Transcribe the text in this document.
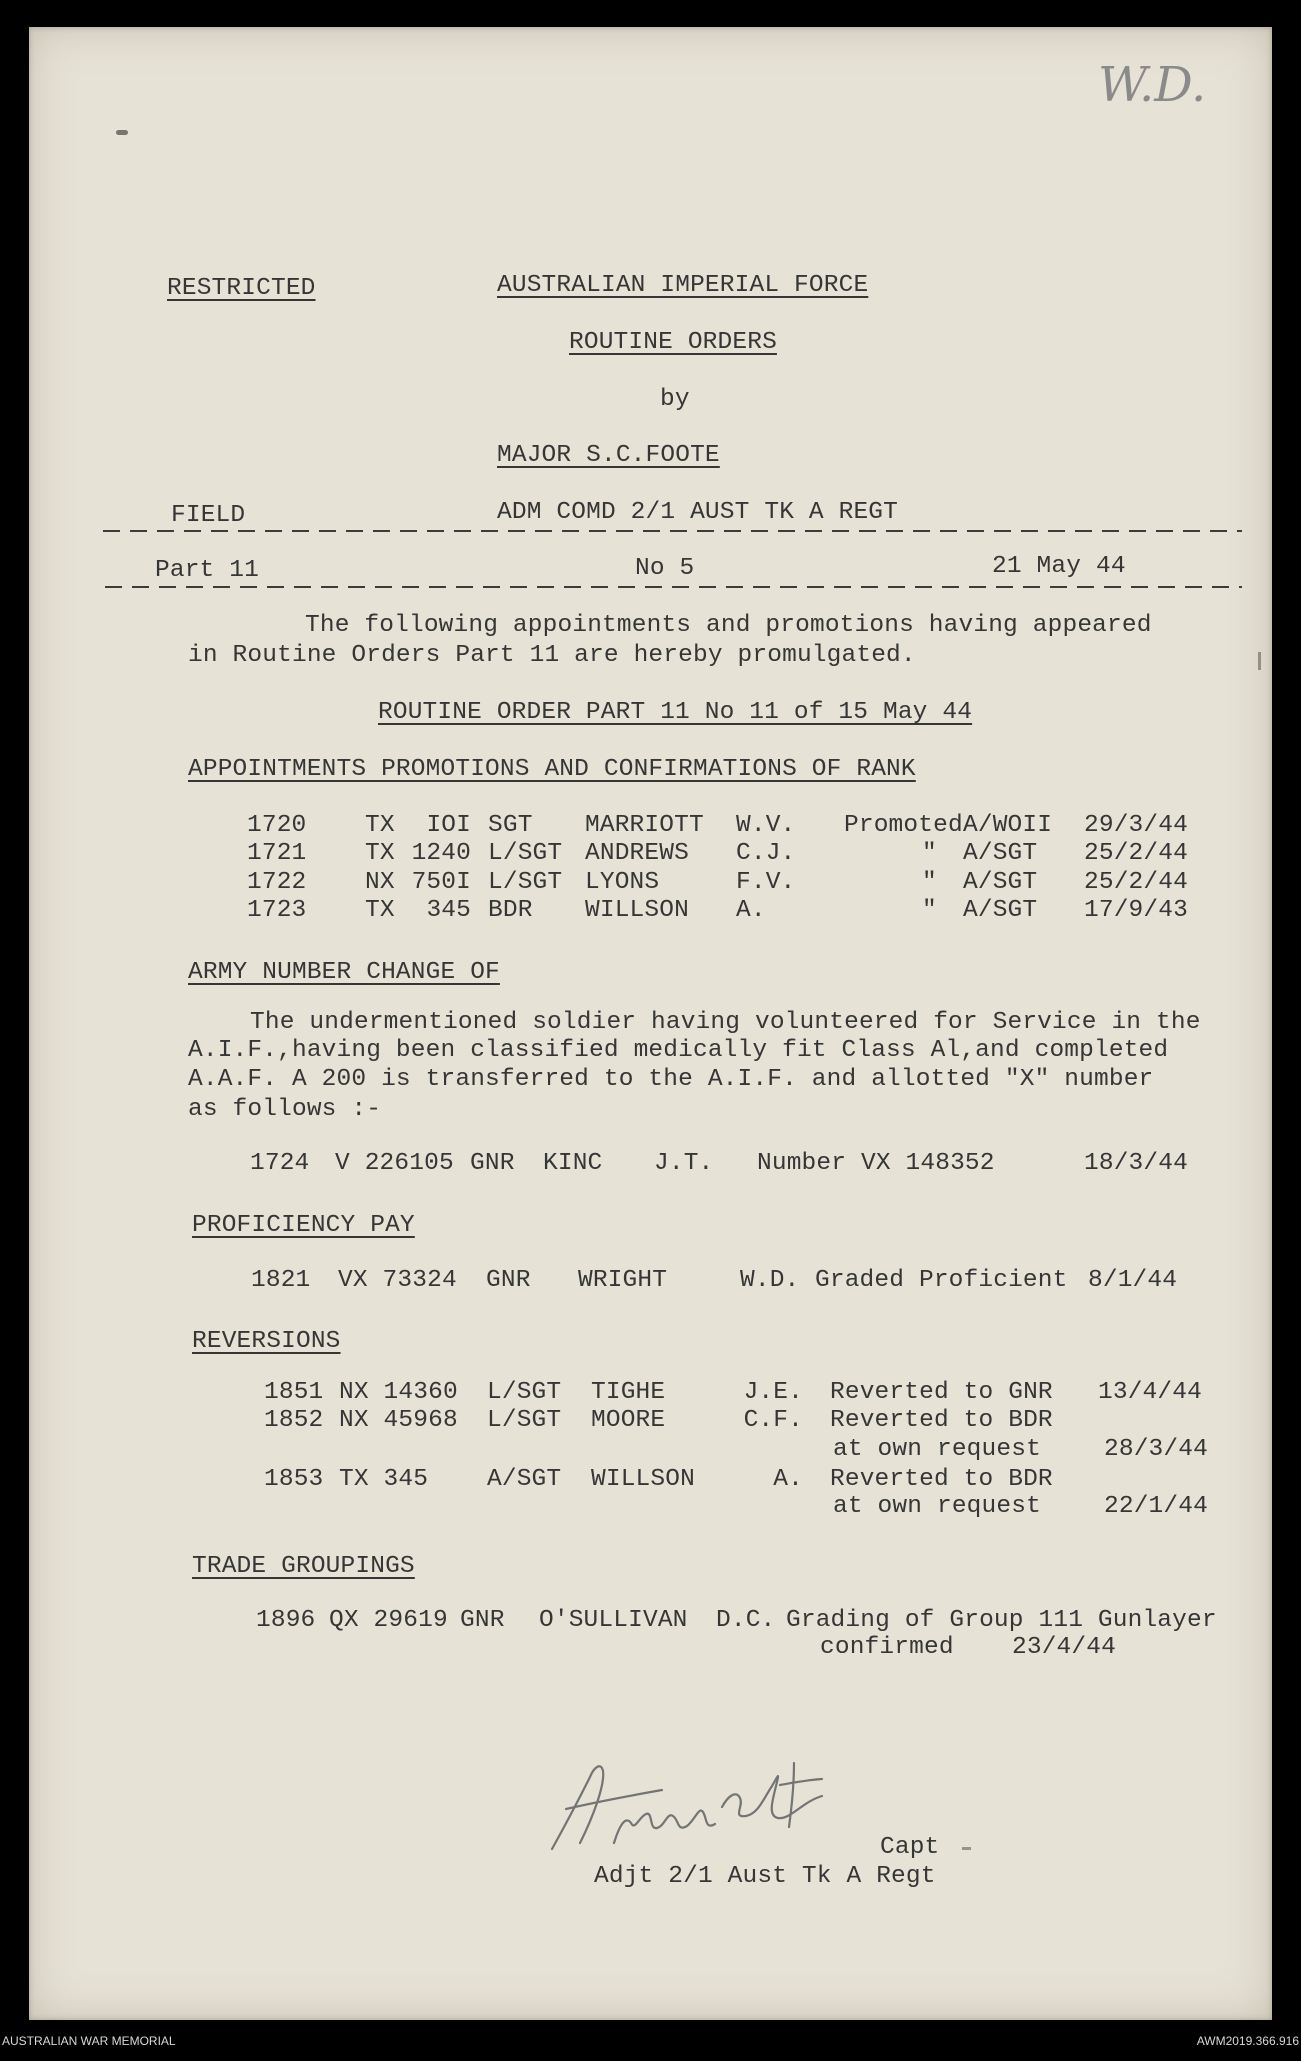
W.D.
RESTRICTED	AUSTRALIAN IMPERIAL FORCE
ROUTINE ORDERS
by
MAJOR S.C.FOOTE
FIELD	ADM COMD 2/1 AUST TK A REGT
Part 11	No 5	21 May 44
The following appointments and promotions having appeared
in Routine Orders Part 11 are hereby promulgated.
ROUTINE ORDER PART 11 No 11 of 15 May 44
APPOINTMENTS PROMOTIONS AND CONFIRMATIONS OF RANK
1720 TX	IOI SGT MARRIOTT W.V. Promoted A/WOII 29/3/44
1721 TX 1240 L/SGT ANDREWS C.J.	" A/SGT 25/2/44
1722 NX 750I L/SGT LYONS	F.V.	" A/SGT 25/2/44
1723 TX	345 BDR WILLSON A.	" A/SGT 17/9/43
ARMY NUMBER CHANGE OF
The undermentioned soldier having volunteered for Service in the
A.I.F.,having been classified medically fit Class Al,and completed
A.A.F. A 200 is transferred to the A.I.F. and allotted "X" number
as follows :-
1724 V 226105 GNR KINC J.T. Number VX 148352	18/3/44
PROFICIENCY PAY
1821 VX 73324 GNR WRIGHT	W.D. Graded Proficient 8/1/44
REVERSIONS
1851 NX 14360 L/SGT TIGHE	J.E. Reverted to GNR 13/4/44
1852 NX 45968 L/SGT MOORE	C.F. Reverted to BDR
at own request	28/3/44
1853 TX 345 A/SGT WILLSON	A. Reverted to BDR
at own request	22/1/44
TRADE GROUPINGS
1896 QX 29619 GNR O'SULLIVAN D.C. Grading of Group 111 Gunlayer
confirmed 23/4/44
Capt
Adjt 2/1 Aust Tk A Regt
AUSTRALIAN WAR MEMORIAL	AWM2019.366.916
